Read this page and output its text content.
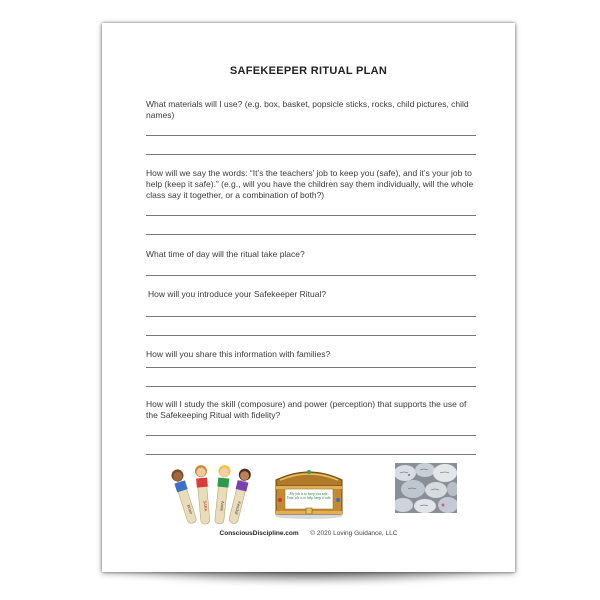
SAFEKEEPER RITUAL PLAN
What materials will I use? (e.g. box, basket, popsicle sticks, rocks, child pictures, child names)
How will we say the words: “It’s the teachers’ job to keep you (safe), and it’s your job to help (keep it safe).” (e.g., will you have the children say them individually, will the whole class say it together, or a combination of both?)
What time of day will the ritual take place?
How will you introduce your Safekeeper Ritual?
How will you share this information with families?
How will I study the skill (composure) and power (perception) that supports the use of the Safekeeping Ritual with fidelity?
Brian SARA	Annie Kendall
My job is to keep you safe. Your job is to help keep it safe.
ConsciousDiscipline.com © 2020 Loving Guidance, LLC
